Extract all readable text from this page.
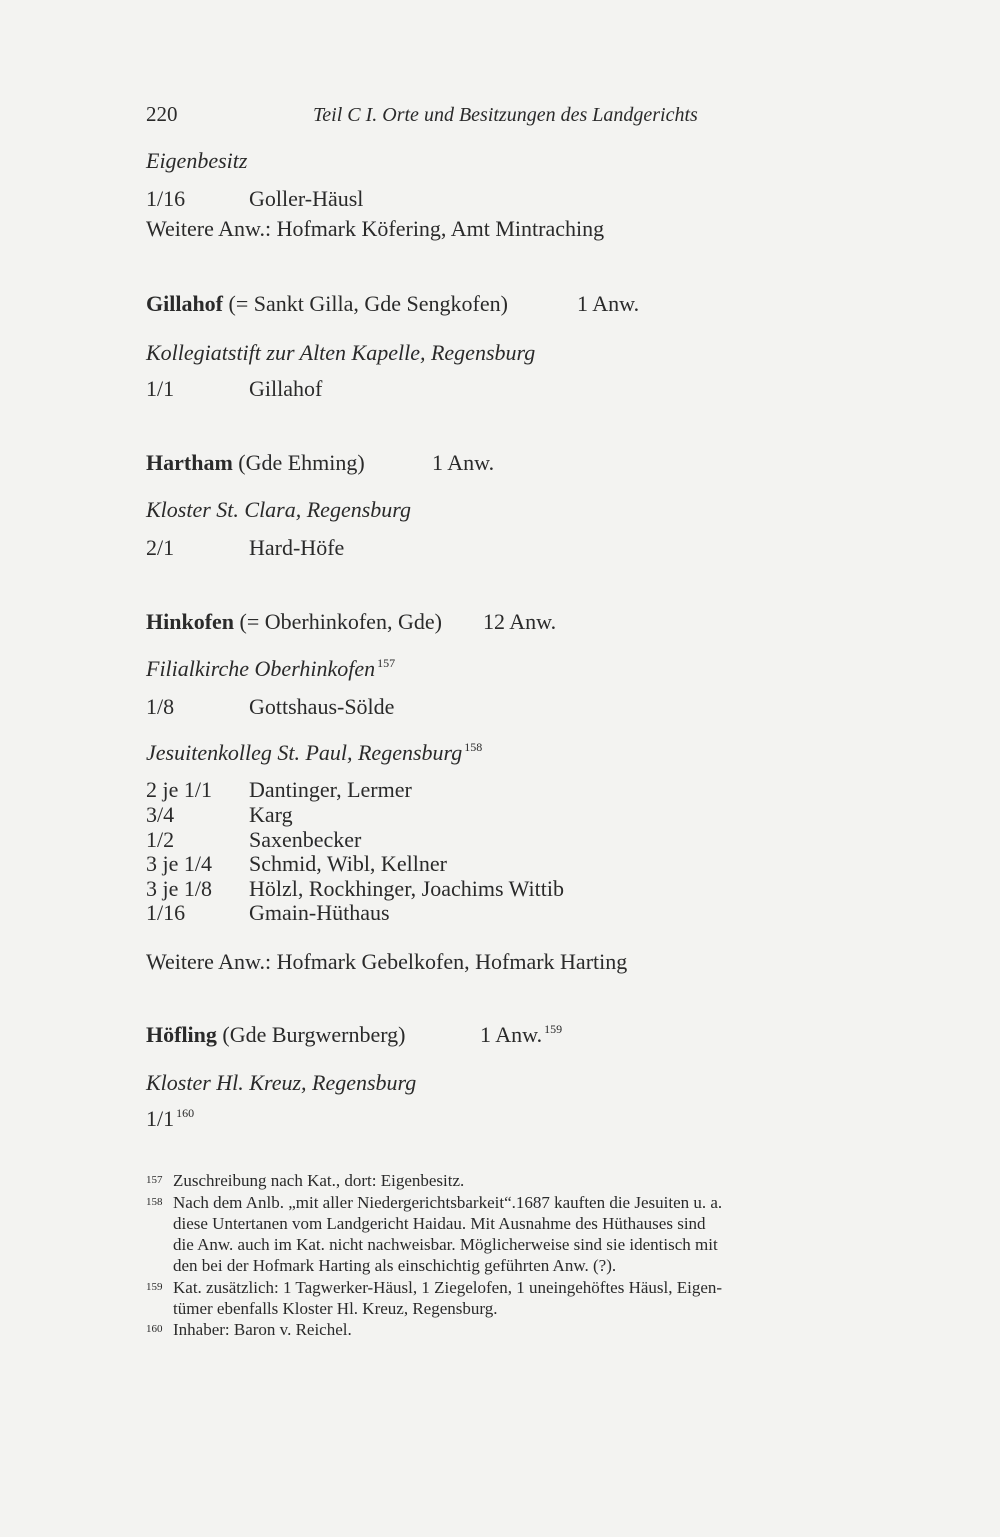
220	Teil C I. Orte und Besitzungen des Landgerichts
Eigenbesitz
1/16	Goller-Häusl
Weitere Anw.: Hofmark Köfering, Amt Mintraching
Gillahof (= Sankt Gilla, Gde Sengkofen)	1 Anw.
Kollegiatstift zur Alten Kapelle, Regensburg
1/1	Gillahof
Hartham (Gde Ehming)	1 Anw.
Kloster St. Clara, Regensburg
2/1	Hard-Höfe
Hinkofen (= Oberhinkofen, Gde) 12 Anw.
Filialkirche Oberhinkofen $^{157}$
1/8	Gottshaus-Sölde
Jesuitenkolleg St. Paul, Regensburg $^{158}$
2 je 1/1 Dantinger, Lermer
3/4	Karg
1/2	Saxenbecker
3 je 1/4 Schmid, Wibl, Kellner
3 je 1/8 Hölzl, Rockhinger, Joachims Wittib
1/16	Gmain-Hüthaus
Weitere Anw.: Hofmark Gebelkofen, Hofmark Harting
Höfling (Gde Burgwernberg)	1 Anw. $^{159}$
Kloster Hl. Kreuz, Regensburg
1/1 $^{160}$
157 Zuschreibung nach Kat., dort: Eigenbesitz.
158 Nach dem Anlb. „mit aller Niedergerichtsbarkeit“.1687 kauften die Jesuiten u. a.
diese Untertanen vom Landgericht Haidau. Mit Ausnahme des Hüthauses sind
die Anw. auch im Kat. nicht nachweisbar. Möglicherweise sind sie identisch mit
den bei der Hofmark Harting als einschichtig geführten Anw. (?).
159 Kat. zusätzlich: 1 Tagwerker-Häusl, 1 Ziegelofen, 1 uneingehöftes Häusl, Eigen-
tümer ebenfalls Kloster Hl. Kreuz, Regensburg.
160 Inhaber: Baron v. Reichel.
